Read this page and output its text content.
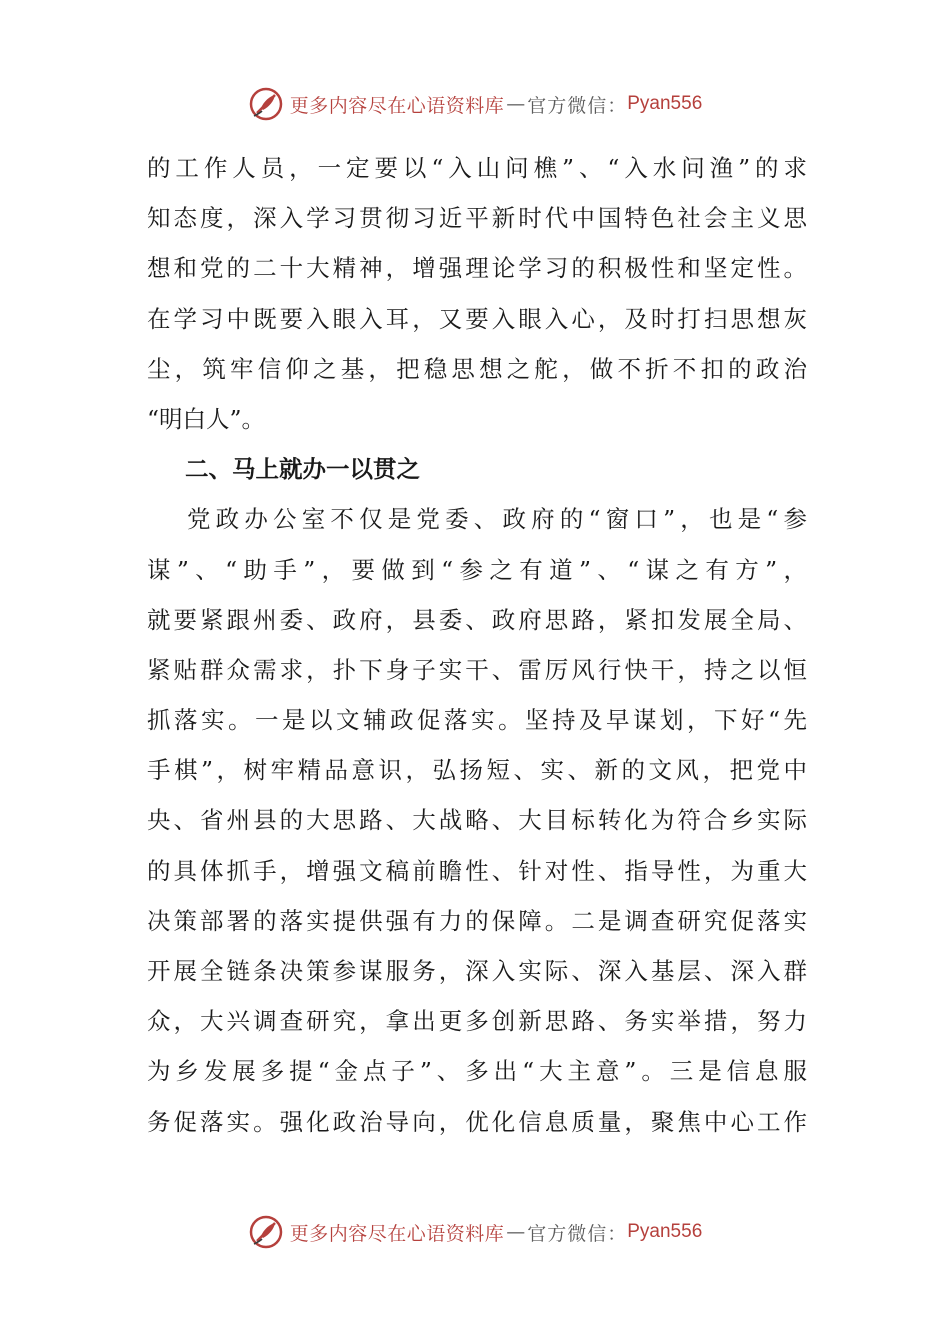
更多内容尽在心语资料库 — 官方微信： Pyan556
的工作人员，一定要以“入山问樵”、“入水问渔”的求
知态度，深入学习贯彻习近平新时代中国特色社会主义思
想和党的二十大精神，增强理论学习的积极性和坚定性。
在学习中既要入眼入耳，又要入眼入心，及时打扫思想灰
尘，筑牢信仰之基，把稳思想之舵，做不折不扣的政治
“明白人”。
二、马上就办一以贯之
党政办公室不仅是党委、政府的“窗口”，也是“参
谋”、“助手”，要做到“参之有道”、“谋之有方”，
就要紧跟州委、政府，县委、政府思路，紧扣发展全局、
紧贴群众需求，扑下身子实干、雷厉风行快干，持之以恒
抓落实。一是以文辅政促落实。坚持及早谋划，下好“先
手棋”，树牢精品意识，弘扬短、实、新的文风，把党中
央、省州县的大思路、大战略、大目标转化为符合乡实际
的具体抓手，增强文稿前瞻性、针对性、指导性，为重大
决策部署的落实提供强有力的保障。二是调查研究促落实
开展全链条决策参谋服务，深入实际、深入基层、深入群
众，大兴调查研究，拿出更多创新思路、务实举措，努力
为乡发展多提“金点子”、多出“大主意”。三是信息服
务促落实。强化政治导向，优化信息质量，聚焦中心工作
更多内容尽在心语资料库 — 官方微信： Pyan556
